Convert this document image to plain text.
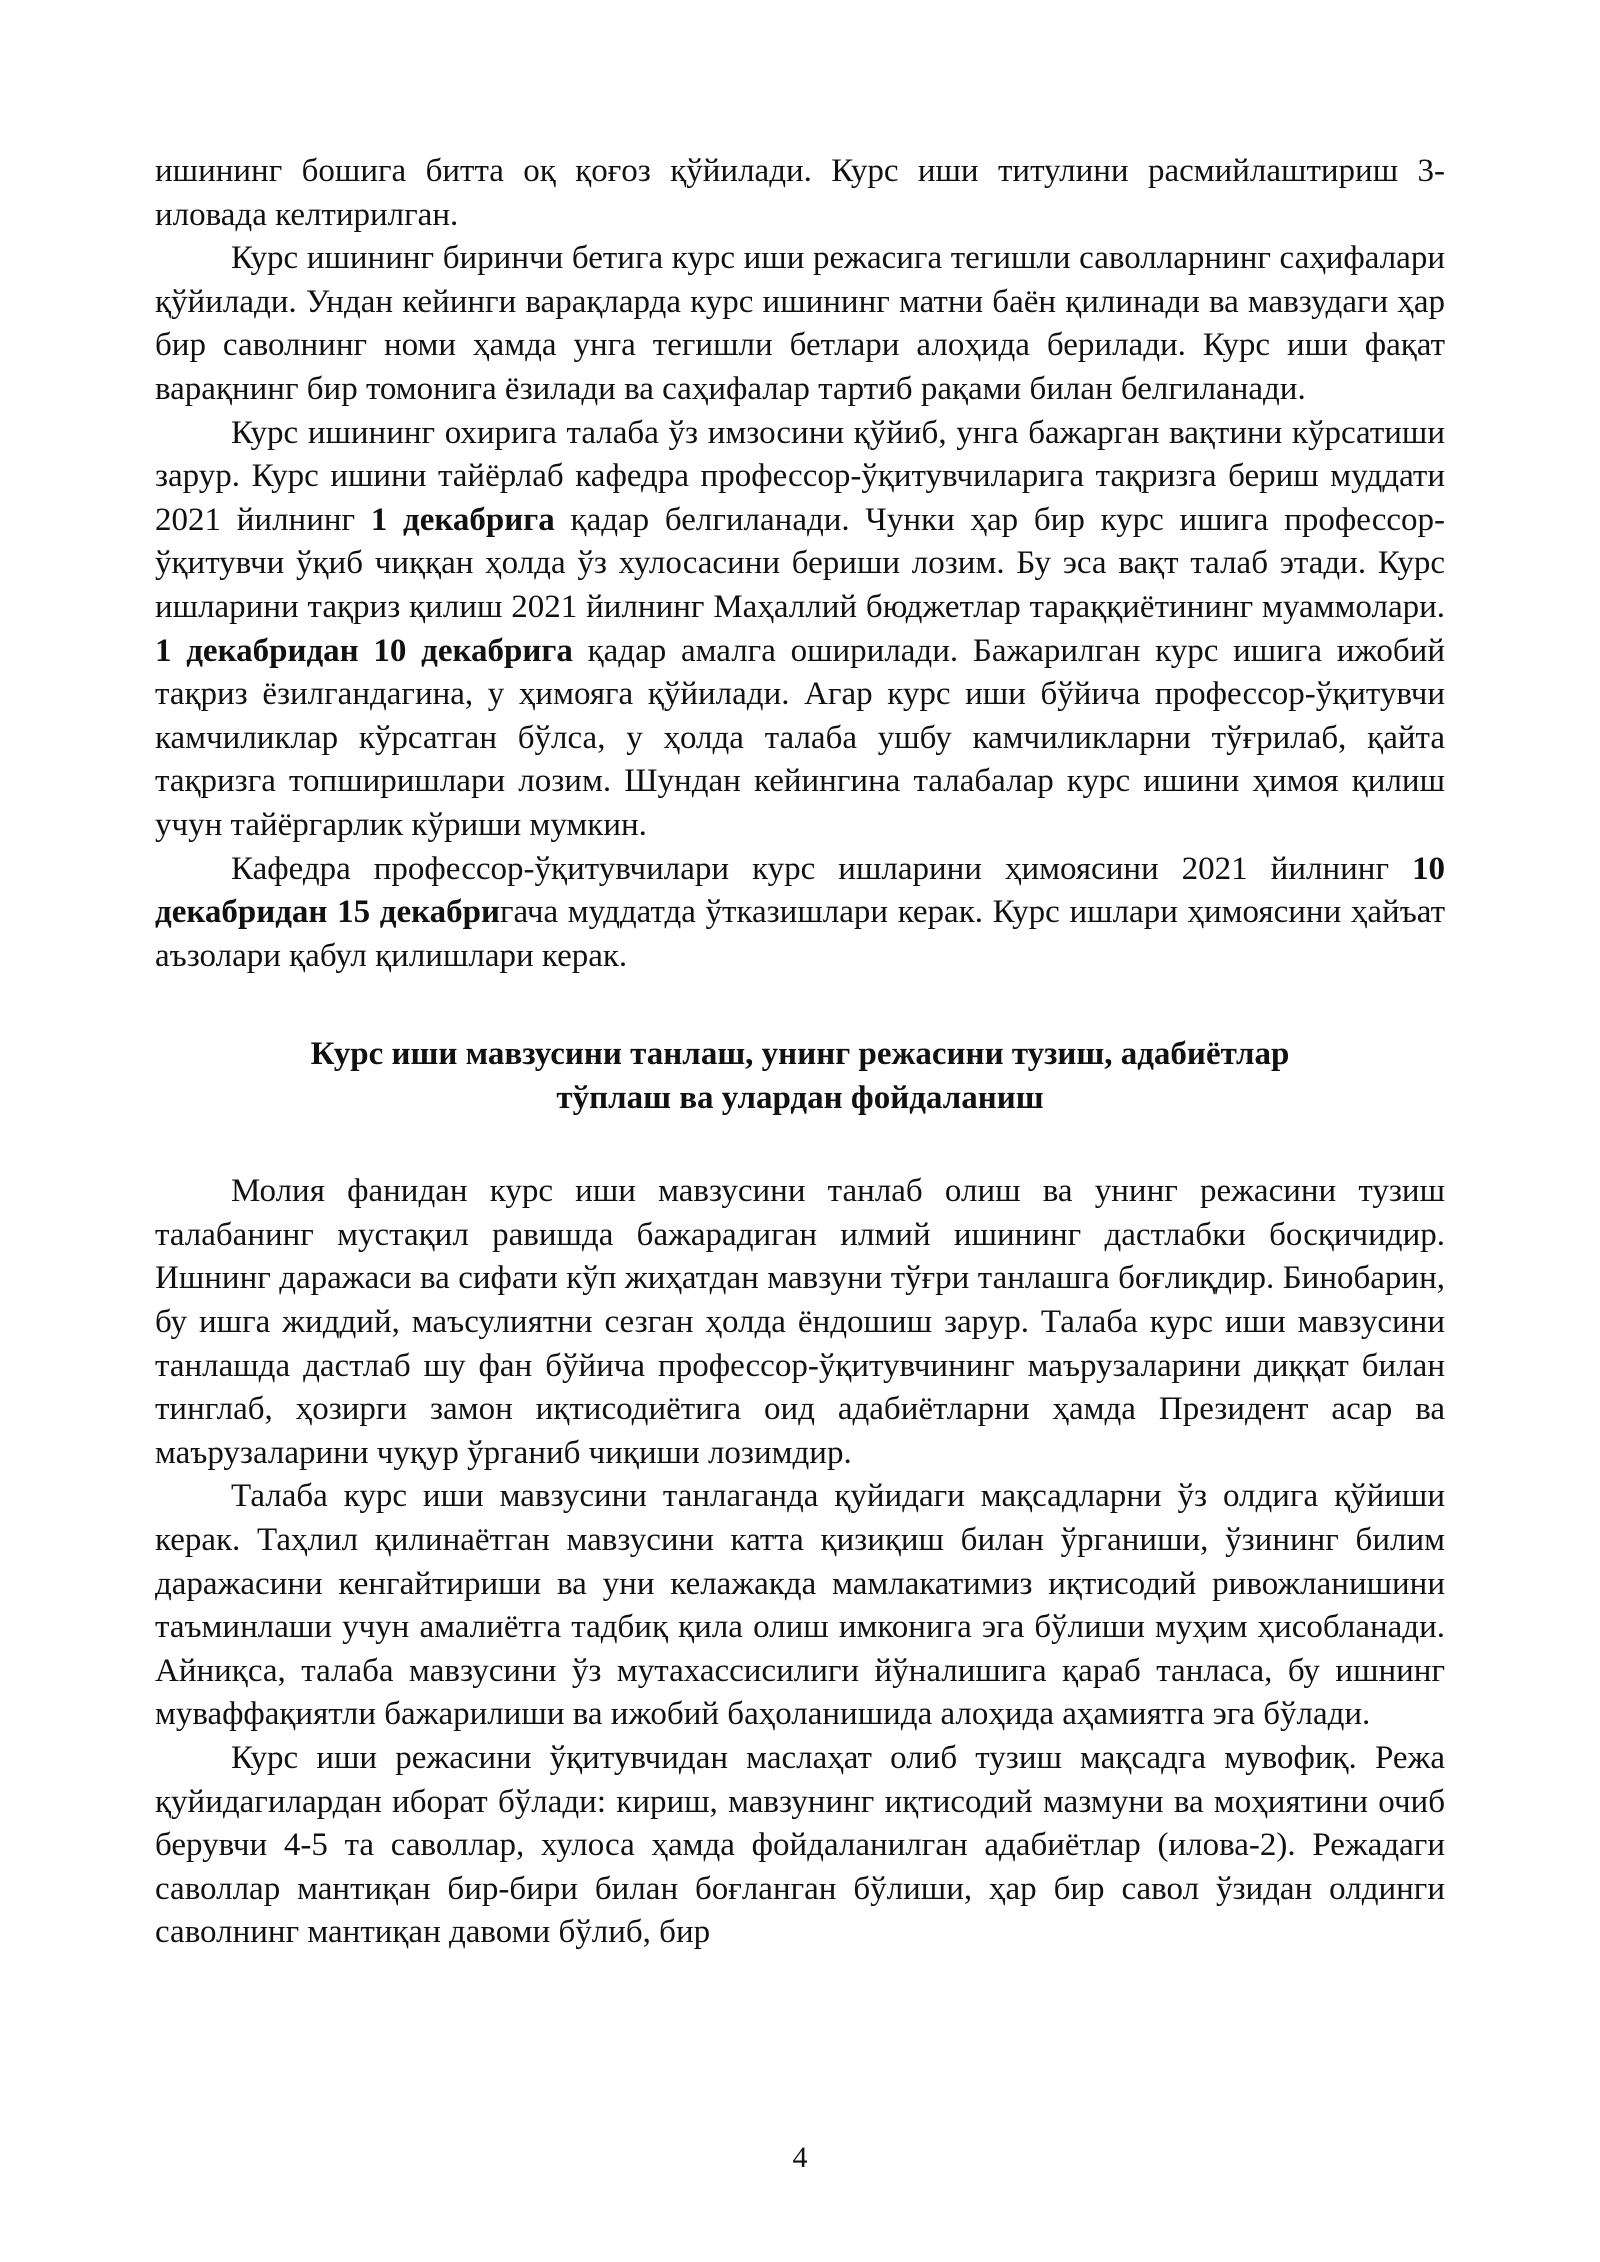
ишининг бошига битта оқ қоғоз қўйилади. Курс иши титулини расмийлаштириш 3-иловада келтирилган.

Курс ишининг биринчи бетига курс иши режасига тегишли саволларнинг саҳифалари қўйилади. Ундан кейинги варақларда курс ишининг матни баён қилинади ва мавзудаги ҳар бир саволнинг номи ҳамда унга тегишли бетлари алоҳида берилади. Курс иши фақат варақнинг бир томонига ёзилади ва саҳифалар тартиб рақами билан белгиланади.

Курс ишининг охирига талаба ўз имзосини қўйиб, унга бажарган вақтини кўрсатиши зарур. Курс ишини тайёрлаб кафедра профессор-ўқитувчиларига тақризга бериш муддати 2021 йилнинг 1 декабрига қадар белгиланади. Чунки ҳар бир курс ишига профессор-ўқитувчи ўқиб чиққан ҳолда ўз хулосасини бериши лозим. Бу эса вақт талаб этади. Курс ишларини тақриз қилиш 2021 йилнинг Маҳаллий бюджетлар тараққиётининг муаммолари. 1 декабридан 10 декабрига қадар амалга оширилади. Бажарилган курс ишига ижобий тақриз ёзилгандагина, у ҳимояга қўйилади. Агар курс иши бўйича профессор-ўқитувчи камчиликлар кўрсатган бўлса, у ҳолда талаба ушбу камчиликларни тўғрилаб, қайта тақризга топширишлари лозим. Шундан кейингина талабалар курс ишини ҳимоя қилиш учун тайёргарлик кўриши мумкин.

Кафедра профессор-ўқитувчилари курс ишларини ҳимоясини 2021 йилнинг 10 декабридан 15 декабригача муддатда ўтказишлари керак. Курс ишлари ҳимоясини ҳайъат аъзолари қабул қилишлари керак.

Курс иши мавзусини танлаш, унинг режасини тузиш, адабиётлар
тўплаш ва улардан фойдаланиш

Молия фанидан курс иши мавзусини танлаб олиш ва унинг режасини тузиш талабанинг мустақил равишда бажарадиган илмий ишининг дастлабки босқичидир. Ишнинг даражаси ва сифати кўп жиҳатдан мавзуни тўғри танлашга боғлиқдир. Бинобарин, бу ишга жиддий, маъсулиятни сезган ҳолда ёндошиш зарур. Талаба курс иши мавзусини танлашда дастлаб шу фан бўйича профессор-ўқитувчининг маърузаларини диққат билан тинглаб, ҳозирги замон иқтисодиётига оид адабиётларни ҳамда Президент асар ва маърузаларини чуқур ўрганиб чиқиши лозимдир.

Талаба курс иши мавзусини танлаганда қуйидаги мақсадларни ўз олдига қўйиши керак. Таҳлил қилинаётган мавзусини катта қизиқиш билан ўрганиши, ўзининг билим даражасини кенгайтириши ва уни келажакда мамлакатимиз иқтисодий ривожланишини таъминлаши учун амалиётга тадбиқ қила олиш имконига эга бўлиши муҳим ҳисобланади. Айниқса, талаба мавзусини ўз мутахассисилиги йўналишига қараб танласа, бу ишнинг муваффақиятли бажарилиши ва ижобий баҳоланишида алоҳида аҳамиятга эга бўлади.

Курс иши режасини ўқитувчидан маслаҳат олиб тузиш мақсадга мувофиқ. Режа қуйидагилардан иборат бўлади: кириш, мавзунинг иқтисодий мазмуни ва моҳиятини очиб берувчи 4-5 та саволлар, хулоса ҳамда фойдаланилган адабиётлар (илова-2). Режадаги саволлар мантиқан бир-бири билан боғланган бўлиши, ҳар бир савол ўзидан олдинги саволнинг мантиқан давоми бўлиб, бир

4
